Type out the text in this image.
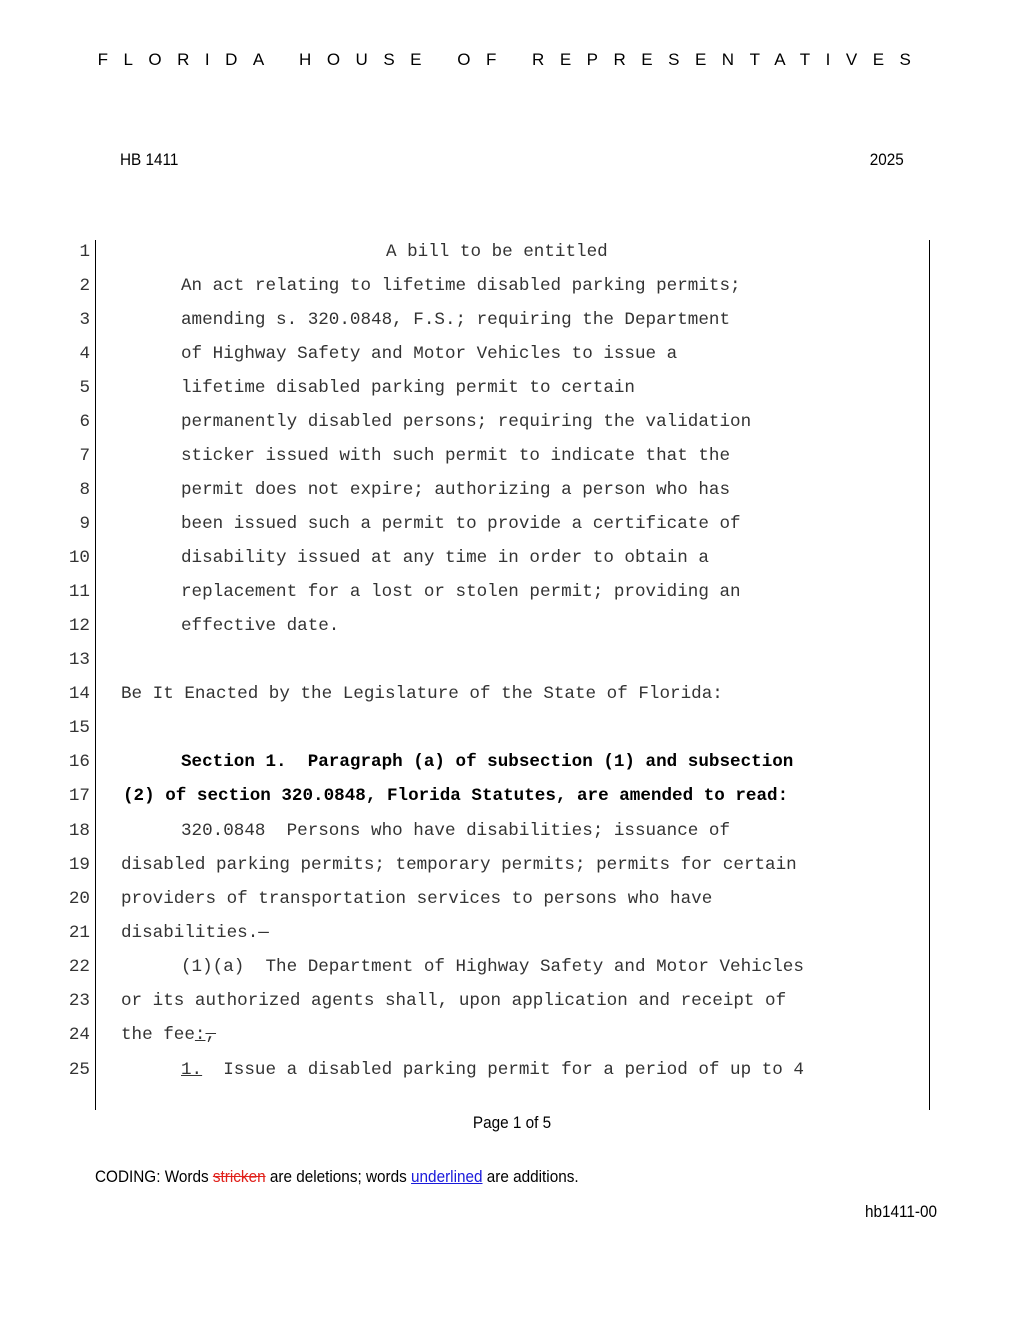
FLORIDA HOUSE OF REPRESENTATIVES
HB 1411	2025
1	A bill to be entitled
2	An act relating to lifetime disabled parking permits;
3	amending s. 320.0848, F.S.; requiring the Department
4	of Highway Safety and Motor Vehicles to issue a
5	lifetime disabled parking permit to certain
6	permanently disabled persons; requiring the validation
7	sticker issued with such permit to indicate that the
8	permit does not expire; authorizing a person who has
9	been issued such a permit to provide a certificate of
10	disability issued at any time in order to obtain a
11	replacement for a lost or stolen permit; providing an
12	effective date.
13
14 Be It Enacted by the Legislature of the State of Florida:
15
16	Section 1.  Paragraph (a) of subsection (1) and subsection
17 (2) of section 320.0848, Florida Statutes, are amended to read:
18	320.0848  Persons who have disabilities; issuance of
19 disabled parking permits; temporary permits; permits for certain
20 providers of transportation services to persons who have
21 disabilities.—
22	(1)(a)  The Department of Highway Safety and Motor Vehicles
23 or its authorized agents shall, upon application and receipt of
24 the fee:,
25	1.  Issue a disabled parking permit for a period of up to 4
Page 1 of 5
CODING: Words stricken are deletions; words underlined are additions.
hb1411-00
